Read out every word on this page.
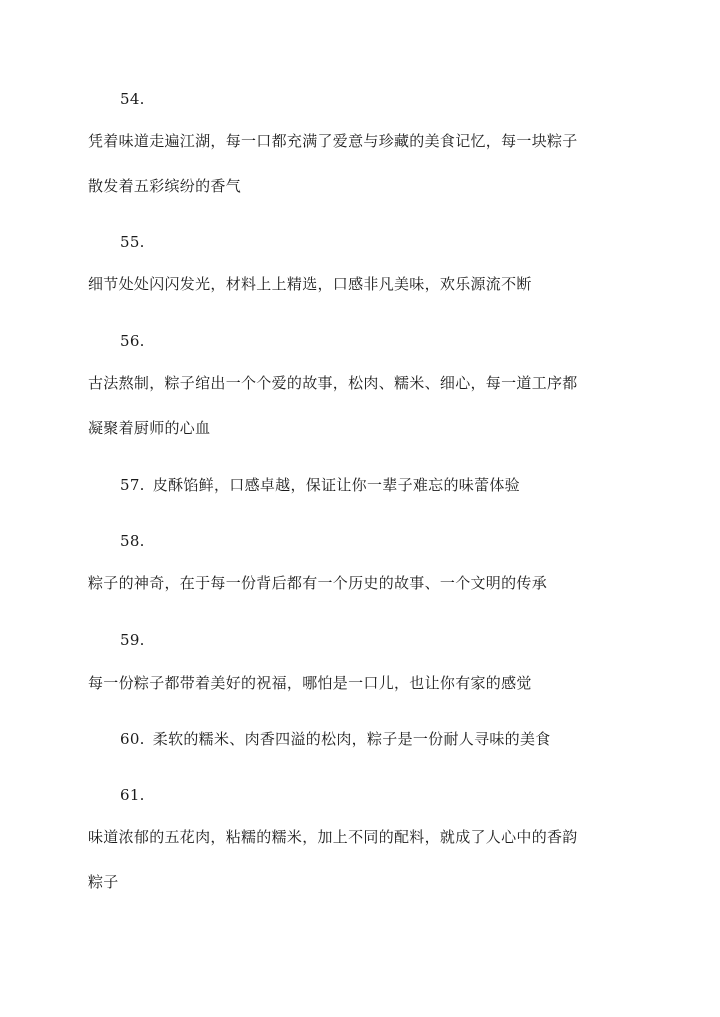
54.
凭着味道走遍江湖，每一口都充满了爱意与珍藏的美食记忆，每一块粽子
散发着五彩缤纷的香气
55.
细节处处闪闪发光，材料上上精选，口感非凡美味，欢乐源流不断
56.
古法熬制，粽子绾出一个个爱的故事，松肉、糯米、细心，每一道工序都
凝聚着厨师的心血
57. 皮酥馅鲜，口感卓越，保证让你一辈子难忘的味蕾体验
58.
粽子的神奇，在于每一份背后都有一个历史的故事、一个文明的传承
59.
每一份粽子都带着美好的祝福，哪怕是一口儿，也让你有家的感觉
60. 柔软的糯米、肉香四溢的松肉，粽子是一份耐人寻味的美食
61.
味道浓郁的五花肉，粘糯的糯米，加上不同的配料，就成了人心中的香韵
粽子
